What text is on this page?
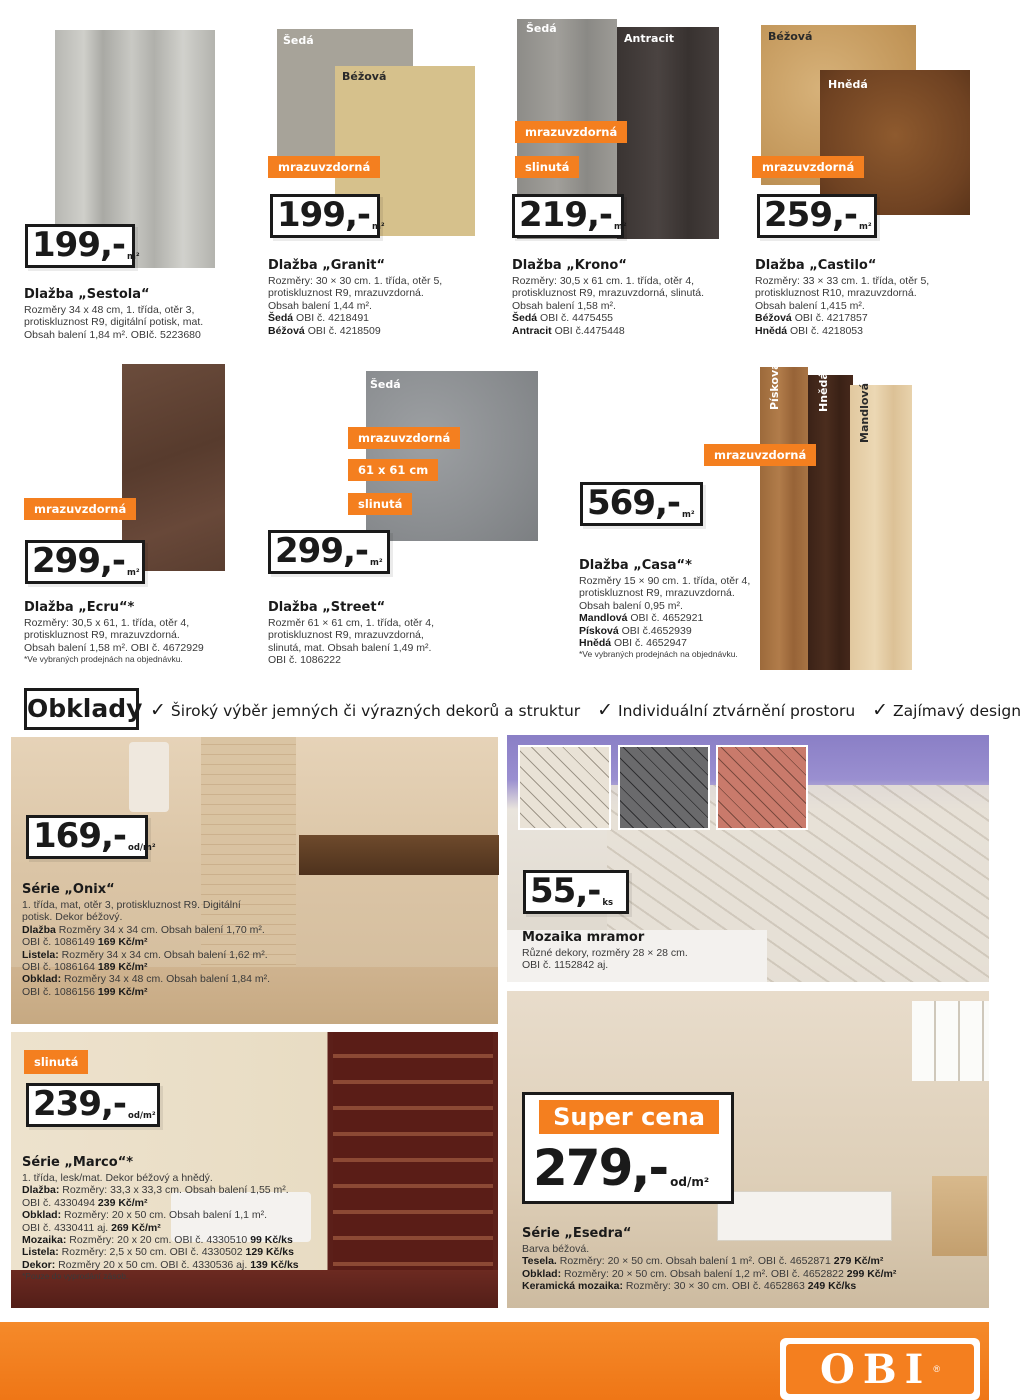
199,- m²
Dlažba „Sestola“
Rozměry 34 x 48 cm, 1. třída, otěr 3,
protiskluznost R9, digitální potisk, mat.
Obsah balení 1,84 m². OBIč. 5223680
Šedá
Béžová
mrazuvzdorná
199,- m²
Dlažba „Granit“
Rozměry: 30 × 30 cm. 1. třída, otěr 5,
protiskluznost R9, mrazuvzdorná.
Obsah balení 1,44 m².
Šedá OBI č. 4218491
Béžová OBI č. 4218509
Šedá
Antracit
mrazuvzdorná
slinutá
219,- m²
Dlažba „Krono“
Rozměry: 30,5 x 61 cm. 1. třída, otěr 4,
protiskluznost R9, mrazuvzdorná, slinutá.
Obsah balení 1,58 m².
Šedá OBI č. 4475455
Antracit OBI č.4475448
Béžová
Hnědá
mrazuvzdorná
259,- m²
Dlažba „Castilo“
Rozměry: 33 × 33 cm. 1. třída, otěr 5,
protiskluznost R10, mrazuvzdorná.
Obsah balení 1,415 m².
Béžová OBI č. 4217857
Hnědá OBI č. 4218053
mrazuvzdorná
299,- m²
Dlažba „Ecru“*
Rozměry: 30,5 x 61, 1. třída, otěr 4,
protiskluznost R9, mrazuvzdorná.
Obsah balení 1,58 m². OBI č. 4672929
*Ve vybraných prodejnách na objednávku.
Šedá
mrazuvzdorná
61 x 61 cm
slinutá
299,- m²
Dlažba „Street“
Rozměr 61 × 61 cm, 1. třída, otěr 4,
protiskluznost R9, mrazuvzdorná,
slinutá, mat. Obsah balení 1,49 m².
OBI č. 1086222
Písková	Hnědá	Mandlová
mrazuvzdorná
569,- m²
Dlažba „Casa“*
Rozměry 15 × 90 cm. 1. třída, otěr 4,
protiskluznost R9, mrazuvzdorná.
Obsah balení 0,95 m².
Mandlová OBI č. 4652921
Písková OBI č.4652939
Hnědá OBI č. 4652947
*Ve vybraných prodejnách na objednávku.
Obklady ✓ Široký výběr jemných či výrazných dekorů a struktur ✓ Individuální ztvárnění prostoru ✓ Zajímavý design
169,- od/m²
Série „Onix“
1. třída, mat, otěr 3, protiskluznost R9. Digitální
potisk. Dekor béžový.
Dlažba Rozměry 34 x 34 cm. Obsah balení 1,70 m².
OBI č. 1086149 169 Kč/m²
Listela: Rozměry 34 x 34 cm. Obsah balení 1,62 m².
OBI č. 1086164 189 Kč/m²
Obklad: Rozměry 34 x 48 cm. Obsah balení 1,84 m².
OBI č. 1086156 199 Kč/m²
55,- ks
Mozaika mramor
Různé dekory, rozměry 28 × 28 cm.
OBI č. 1152842 aj.
slinutá
239,- od/m²
Série „Marco“*
1. třída, lesk/mat. Dekor béžový a hnědý.
Dlažba: Rozměry: 33,3 x 33,3 cm. Obsah balení 1,55 m².
OBI č. 4330494 239 Kč/m²
Obklad: Rozměry: 20 x 50 cm. Obsah balení 1,1 m².
OBI č. 4330411 aj. 269 Kč/m²
Mozaika: Rozměry: 20 x 20 cm. OBI č. 4330510 99 Kč/ks
Listela: Rozměry: 2,5 x 50 cm. OBI č. 4330502 129 Kč/ks
Dekor: Rozměry 20 x 50 cm. OBI č. 4330536 aj. 139 Kč/ks
*Pouze do vyprodání zásob.
Super cena
279,- od/m²
Série „Esedra“
Barva béžová.
Tesela. Rozměry: 20 × 50 cm. Obsah balení 1 m². OBI č. 4652871 279 Kč/m²
Obklad: Rozměry: 20 × 50 cm. Obsah balení 1,2 m². OBI č. 4652822 299 Kč/m²
Keramická mozaika: Rozměry: 30 × 30 cm. OBI č. 4652863 249 Kč/ks
OBI ®
